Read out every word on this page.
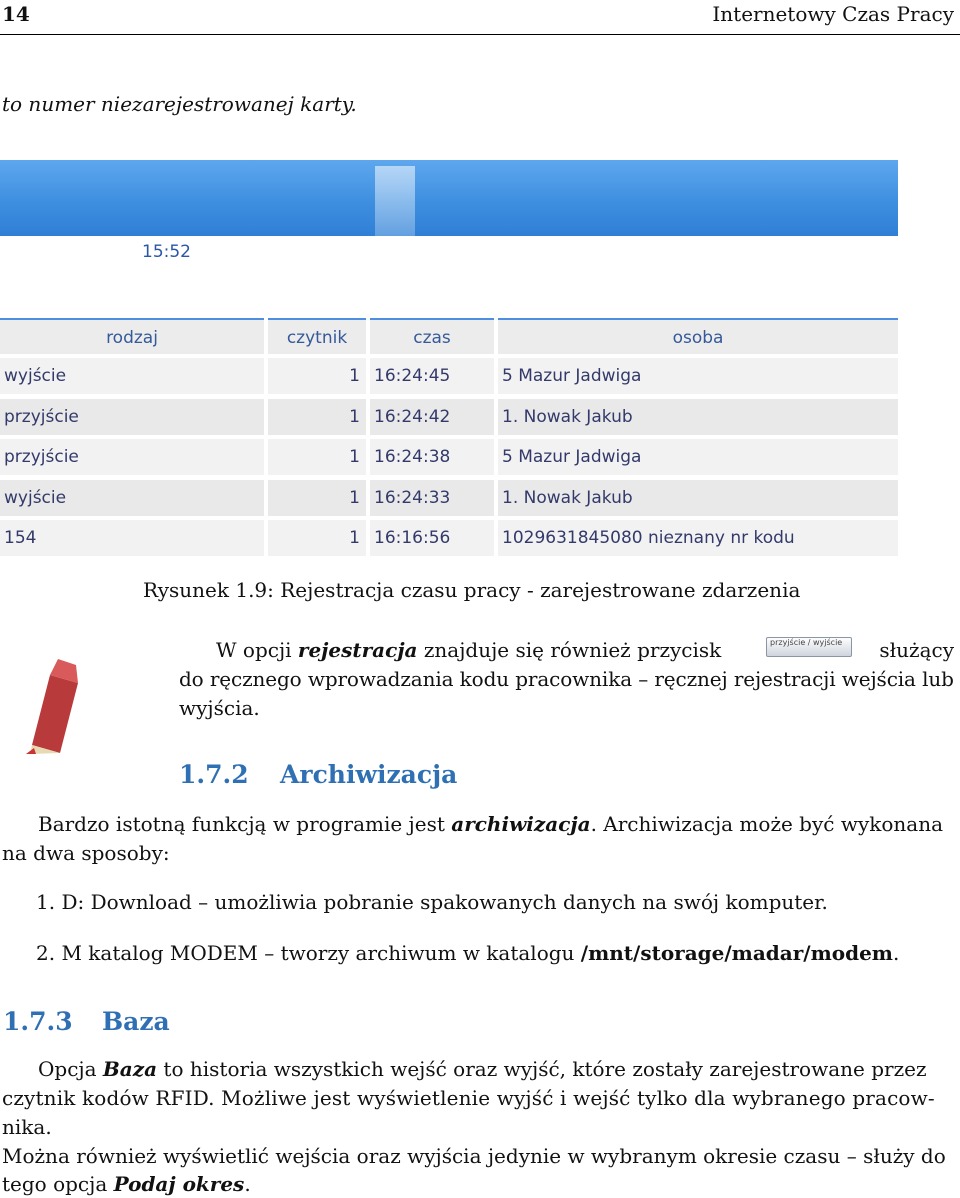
14	Internetowy Czas Pracy
to numer niezarejestrowanej karty.
15:52
rodzaj	czytnik	czas	osoba
wyjście	1 16:24:45	5 Mazur Jadwiga
przyjście	1 16:24:42	1. Nowak Jakub
przyjście	1 16:24:38	5 Mazur Jadwiga
wyjście	1 16:24:33	1. Nowak Jakub
154	1 16:16:56	1029631845080 nieznany nr kodu
Rysunek 1.9: Rejestracja czasu pracy - zarejestrowane zdarzenia
W opcji rejestracja znajduje się również przycisk	przyjście / wyjście	służący
do ręcznego wprowadzania kodu pracownika – ręcznej rejestracji wejścia lub
wyjścia.
1.7.2 Archiwizacja
Bardzo istotną funkcją w programie jest archiwizacja. Archiwizacja może być wykonana
na dwa sposoby:
1. D: Download – umożliwia pobranie spakowanych danych na swój komputer.
2. M katalog MODEM – tworzy archiwum w katalogu /mnt/storage/madar/modem.
1.7.3 Baza
Opcja Baza to historia wszystkich wejść oraz wyjść, które zostały zarejestrowane przez
czytnik kodów RFID. Możliwe jest wyświetlenie wyjść i wejść tylko dla wybranego pracow-
nika.
Można również wyświetlić wejścia oraz wyjścia jedynie w wybranym okresie czasu – służy do
tego opcja Podaj okres.
